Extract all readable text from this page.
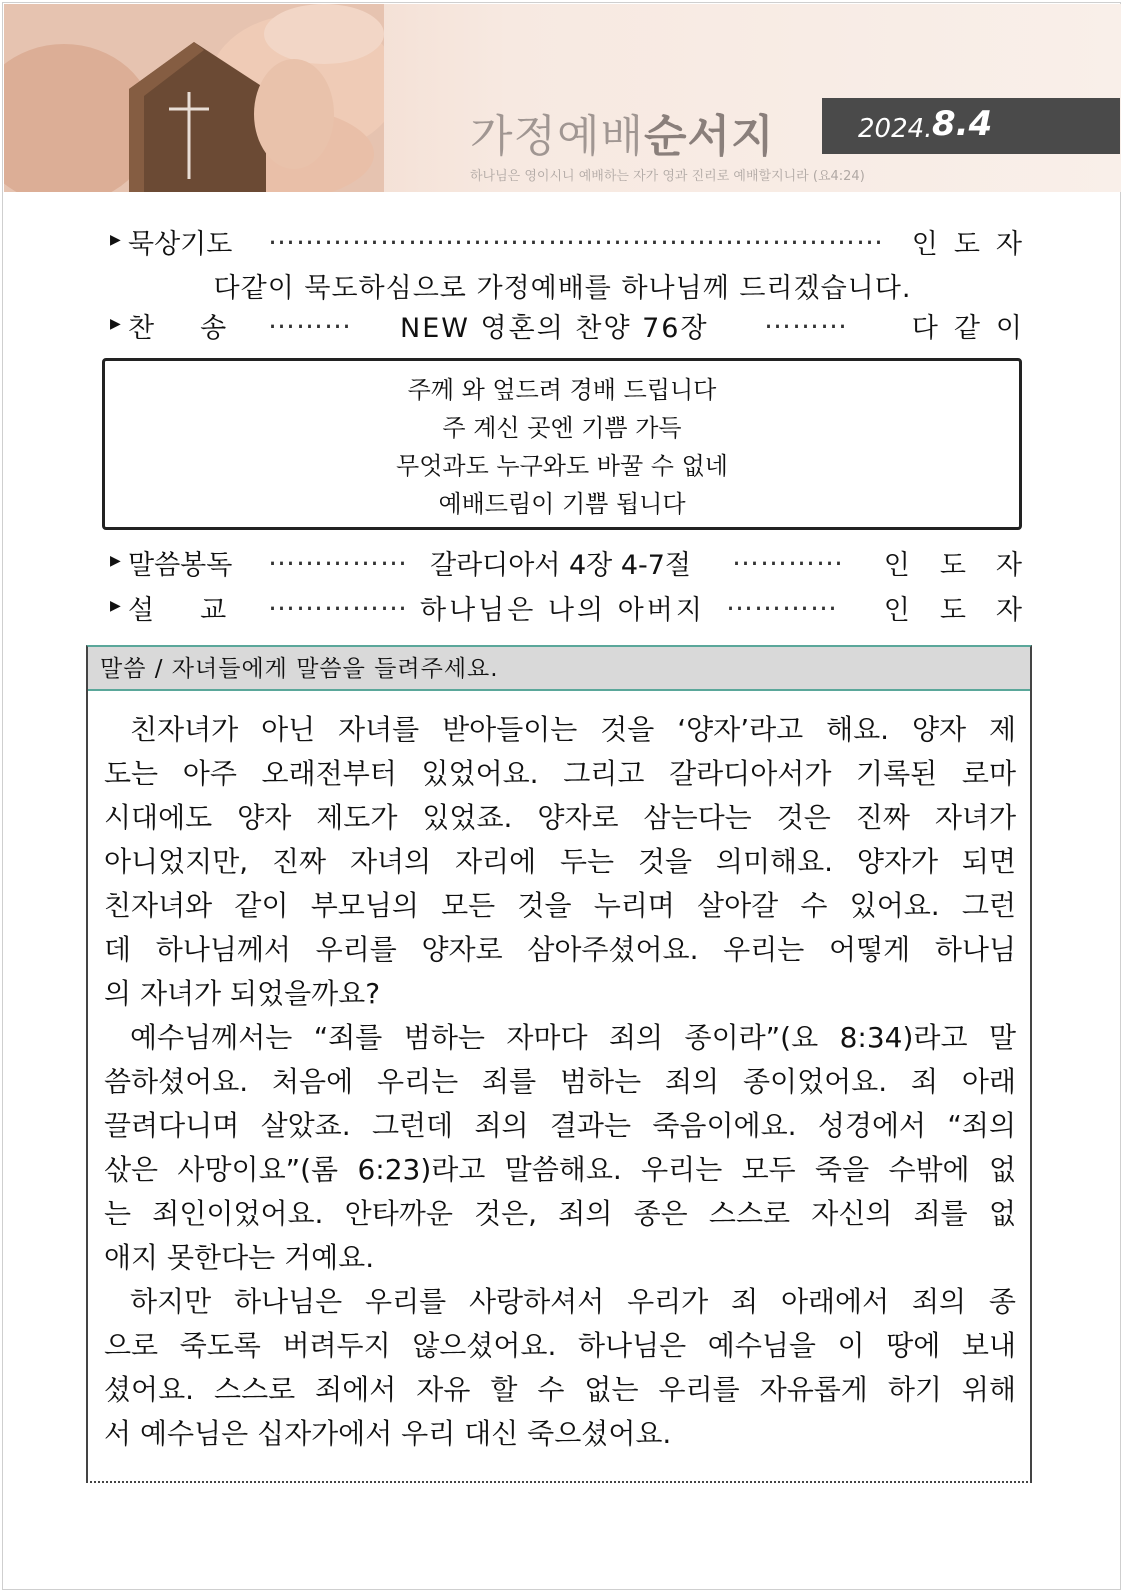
가정예배순서지
하나님은 영이시니 예배하는 자가 영과 진리로 예배할지니라 (요4:24)
2024. 8.4
▶ 묵상기도 ………………………………………………………… 인도자
다같이 묵도하심으로 가정예배를 하나님께 드리겠습니다.
▶ 찬송
……… NEW 영혼의 찬양 76장 ……… 다같이
주께 와 엎드려 경배 드립니다
주 계신 곳엔 기쁨 가득
무엇과도 누구와도 바꿀 수 없네
예배드림이 기쁨 됩니다
▶ 말씀봉독 …………… 갈라디아서 4장 4-7절 ………… 인도자
▶ 설교
…………… 하나님은 나의 아버지 ………… 인도자
말씀 / 자녀들에게 말씀을 들려주세요.
친자녀가 아닌 자녀를 받아들이는 것을 ‘양자’라고 해요. 양자 제
도는 아주 오래전부터 있었어요. 그리고 갈라디아서가 기록된 로마
시대에도 양자 제도가 있었죠. 양자로 삼는다는 것은 진짜 자녀가
아니었지만, 진짜 자녀의 자리에 두는 것을 의미해요. 양자가 되면
친자녀와 같이 부모님의 모든 것을 누리며 살아갈 수 있어요. 그런
데 하나님께서 우리를 양자로 삼아주셨어요. 우리는 어떻게 하나님
의 자녀가 되었을까요?
예수님께서는 “죄를 범하는 자마다 죄의 종이라”(요 8:34)라고 말
씀하셨어요. 처음에 우리는 죄를 범하는 죄의 종이었어요. 죄 아래
끌려다니며 살았죠. 그런데 죄의 결과는 죽음이에요. 성경에서 “죄의
삯은 사망이요”(롬 6:23)라고 말씀해요. 우리는 모두 죽을 수밖에 없
는 죄인이었어요. 안타까운 것은, 죄의 종은 스스로 자신의 죄를 없
애지 못한다는 거예요.
하지만 하나님은 우리를 사랑하셔서 우리가 죄 아래에서 죄의 종
으로 죽도록 버려두지 않으셨어요. 하나님은 예수님을 이 땅에 보내
셨어요. 스스로 죄에서 자유 할 수 없는 우리를 자유롭게 하기 위해
서 예수님은 십자가에서 우리 대신 죽으셨어요.
